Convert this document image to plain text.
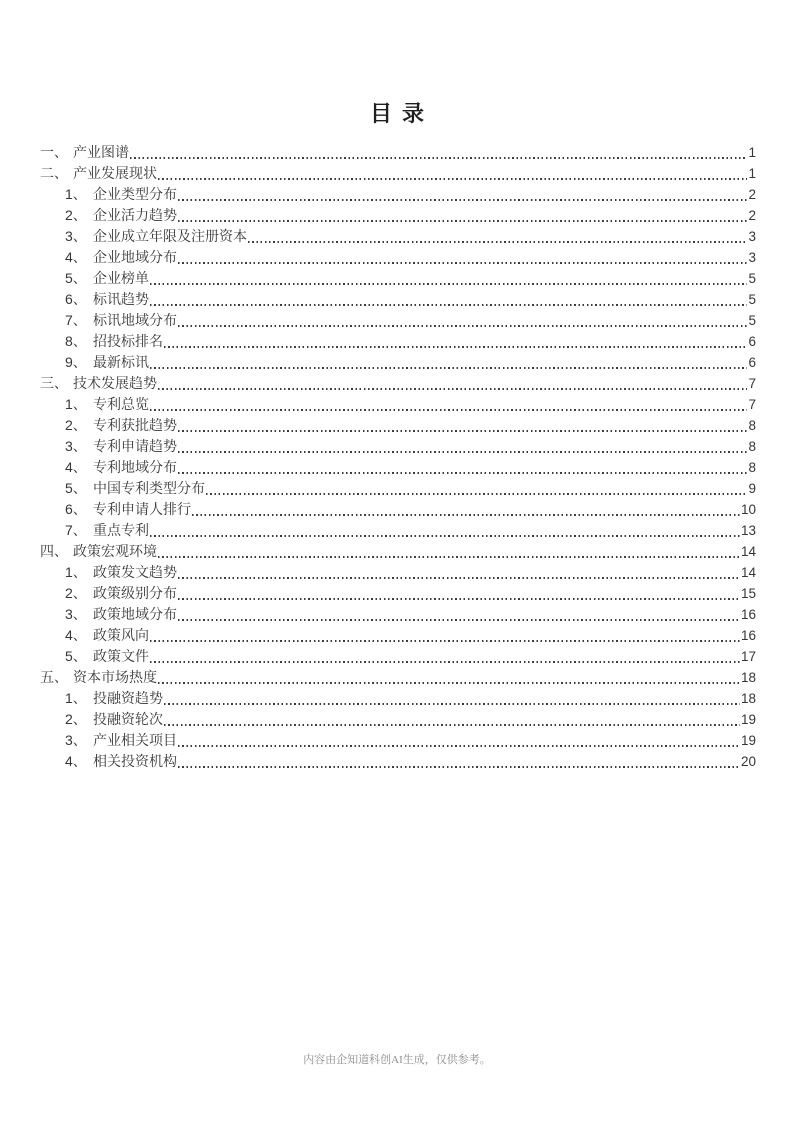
目录
一、 产业图谱	1
二、 产业发展现状	1
1、 企业类型分布	2
2、 企业活力趋势	2
3、 企业成立年限及注册资本	3
4、 企业地域分布	3
5、 企业榜单	5
6、 标讯趋势	5
7、 标讯地域分布	5
8、 招投标排名	6
9、 最新标讯	6
三、 技术发展趋势	7
1、 专利总览	7
2、 专利获批趋势	8
3、 专利申请趋势	8
4、 专利地域分布	8
5、 中国专利类型分布	9
6、 专利申请人排行	10
7、 重点专利	13
四、 政策宏观环境	14
1、 政策发文趋势	14
2、 政策级别分布	15
3、 政策地域分布	16
4、 政策风向	16
5、 政策文件	17
五、 资本市场热度	18
1、 投融资趋势	18
2、 投融资轮次	19
3、 产业相关项目	19
4、 相关投资机构	20
内容由企知道科创AI生成，仅供参考。
